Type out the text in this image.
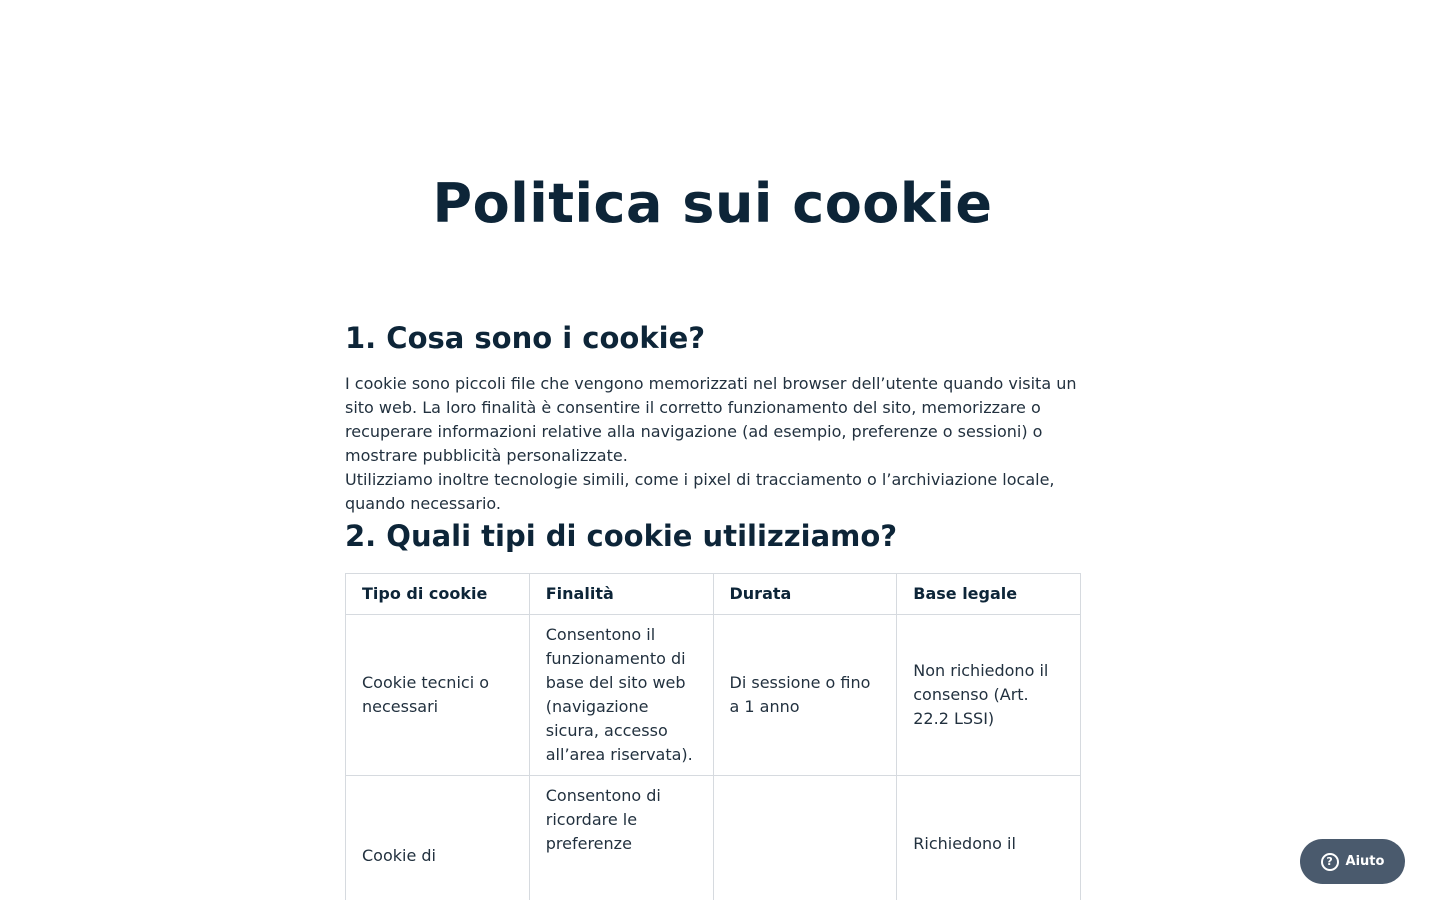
Politica sui cookie
1. Cosa sono i cookie?

I cookie sono piccoli file che vengono memorizzati nel browser dell’utente quando visita un sito web. La loro finalità è consentire il corretto funzionamento del sito, memorizzare o recuperare informazioni relative alla navigazione (ad esempio, preferenze o sessioni) o mostrare pubblicità personalizzate.
Utilizziamo inoltre tecnologie simili, come i pixel di tracciamento o l’archiviazione locale, quando necessario.

2. Quali tipi di cookie utilizziamo?
Tipo di cookie	Finalità	Durata	Base legale
Cookie tecnici o necessari	Consentono il funzionamento di base del sito web (navigazione sicura, accesso all’area riservata).	Di sessione o fino a 1 anno	Non richiedono il consenso (Art. 22.2 LSSI)
Cookie di	Consentono di ricordare le preferenze		Richiedono il
? Aiuto
